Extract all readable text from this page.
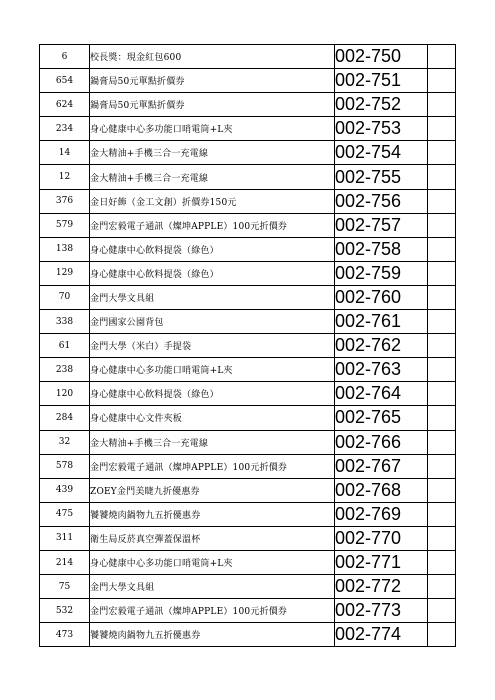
6	校長獎：現金紅包600	002-750	
654	鍋膏局50元單點折價券	002-751	
624	鍋膏局50元單點折價券	002-752	
234	身心健康中心多功能口哨電筒+L夾	002-753	
14	金大精油+手機三合一充電線	002-754	
12	金大精油+手機三合一充電線	002-755	
376	金日好飾（金工文創）折價券150元	002-756	
579	金門宏毅電子通訊（燦坤APPLE）100元折價券	002-757	
138	身心健康中心飲料提袋（綠色）	002-758	
129	身心健康中心飲料提袋（綠色）	002-759	
70	金門大學文具組	002-760	
338	金門國家公園背包	002-761	
61	金門大學（米白）手提袋	002-762	
238	身心健康中心多功能口哨電筒+L夾	002-763	
120	身心健康中心飲料提袋（綠色）	002-764	
284	身心健康中心文件夾板	002-765	
32	金大精油+手機三合一充電線	002-766	
578	金門宏毅電子通訊（燦坤APPLE）100元折價券	002-767	
439	ZOEY金門美睫九折優惠券	002-768	
475	饕饕燒肉鍋物九五折優惠券	002-769	
311	衛生局反菸真空彈蓋保溫杯	002-770	
214	身心健康中心多功能口哨電筒+L夾	002-771	
75	金門大學文具組	002-772	
532	金門宏毅電子通訊（燦坤APPLE）100元折價券	002-773	
473	饕饕燒肉鍋物九五折優惠券	002-774	
